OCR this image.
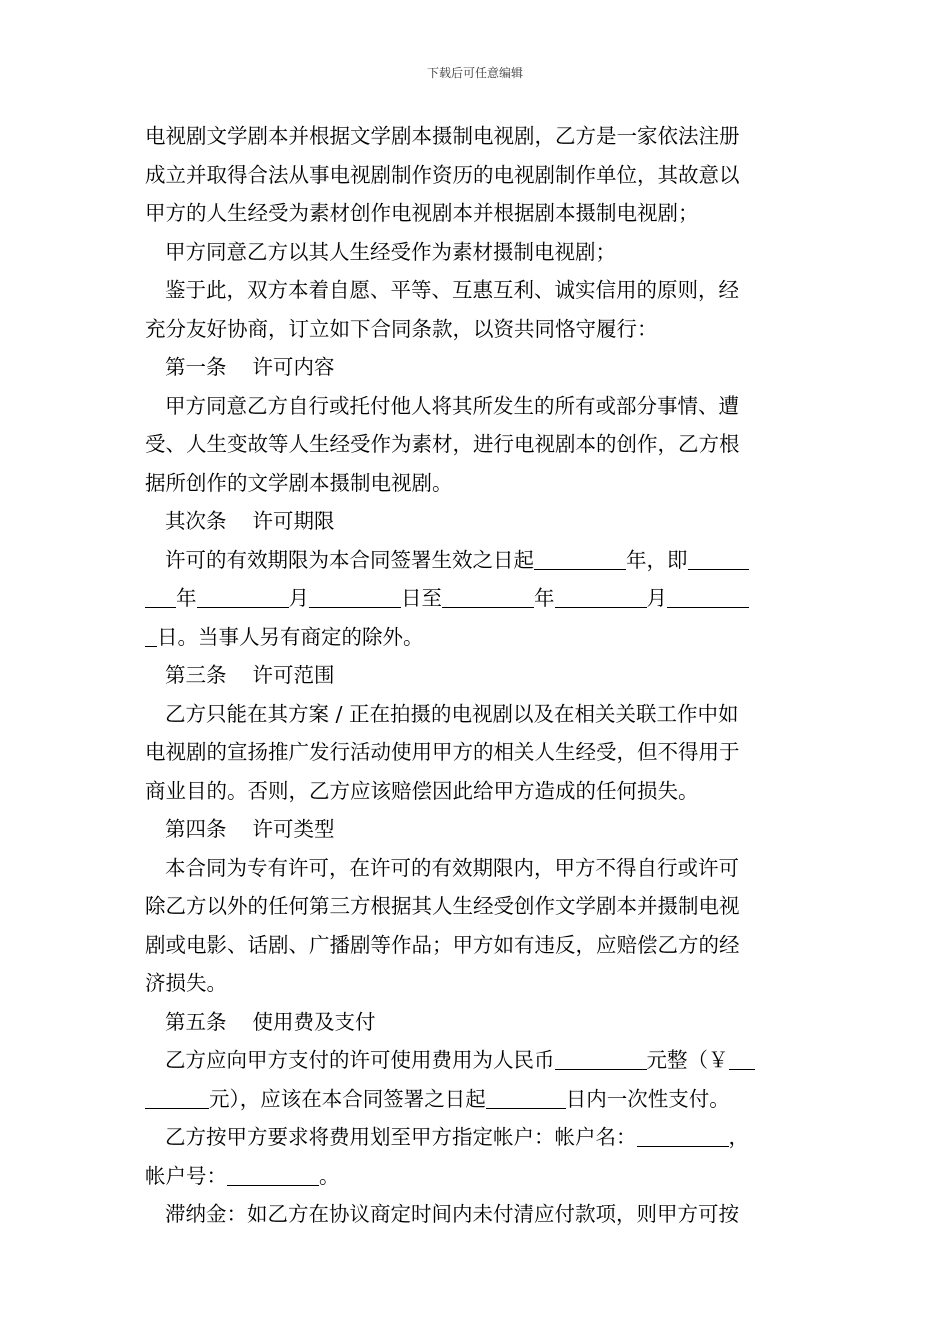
下载后可任意编辑
电视剧文学剧本并根据文学剧本摄制电视剧，乙方是一家依法注册
成立并取得合法从事电视剧制作资历的电视剧制作单位，其故意以
甲方的人生经受为素材创作电视剧本并根据剧本摄制电视剧；
甲方同意乙方以其人生经受作为素材摄制电视剧；
鉴于此，双方本着自愿、平等、互惠互利、诚实信用的原则，经
充分友好协商，订立如下合同条款，以资共同恪守履行：
第一条 许可内容
甲方同意乙方自行或托付他人将其所发生的所有或部分事情、遭
受、人生变故等人生经受作为素材，进行电视剧本的创作，乙方根
据所创作的文学剧本摄制电视剧。
其次条 许可期限
许可的有效期限为本合同签署生效之日起	年，即
年	月	日至	年	月
日。当事人另有商定的除外。
第三条 许可范围
乙方只能在其方案 / 正在拍摄的电视剧以及在相关关联工作中如
电视剧的宣扬推广发行活动使用甲方的相关人生经受，但不得用于
商业目的。否则，乙方应该赔偿因此给甲方造成的任何损失。
第四条 许可类型
本合同为专有许可，在许可的有效期限内，甲方不得自行或许可
除乙方以外的任何第三方根据其人生经受创作文学剧本并摄制电视
剧或电影、话剧、广播剧等作品；甲方如有违反，应赔偿乙方的经
济损失。
第五条 使用费及支付
乙方应向甲方支付的许可使用费用为人民币	元整（￥
元），应该在本合同签署之日起	日内一次性支付。
乙方按甲方要求将费用划至甲方指定帐户：帐户名：	，
帐户号：	。
滞纳金：如乙方在协议商定时间内未付清应付款项，则甲方可按
